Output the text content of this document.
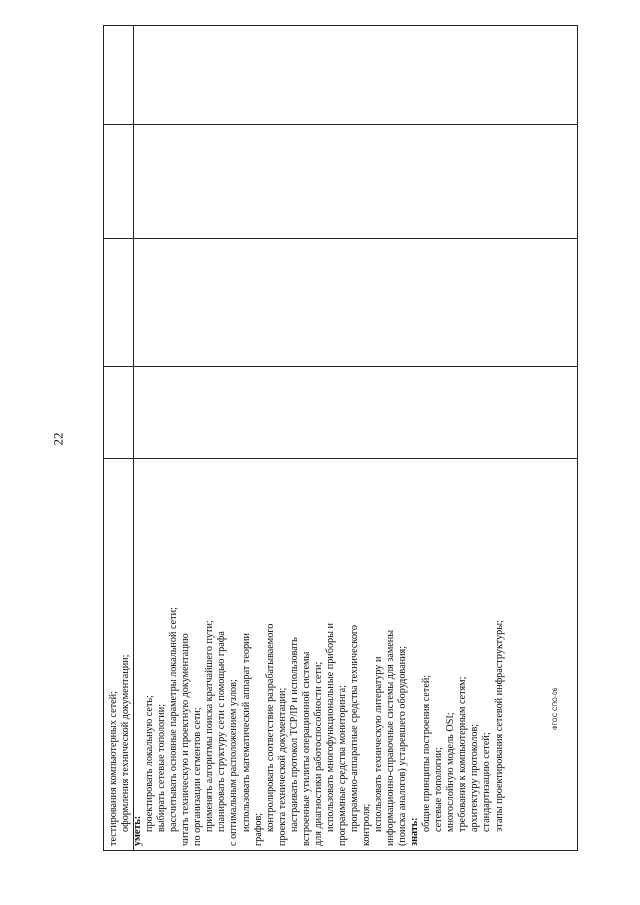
22
тестирования компьютерных сетей; оформления технической документации; уметь: проектировать локальную сеть; выбирать сетевые топологии; рассчитывать основные параметры локальной сети; читать техническую и проектную документацию по организации сегментов сети; применять алгоритмы поиска кратчайшего пути; планировать структуру сети с помощью графа с оптимальным расположением узлов; использовать математический аппарат теории графов; контролировать соответствие разрабатываемого проекта технической документации; настраивать протокол TCP/IP и использовать встроенные утилиты операционной системы для диагностики работоспособности сети; использовать многофункциональные приборы и программные средства мониторинга; программно-аппаратные средства технического контроля; использовать техническую литературу и информационно-справочные системы для замены (поиска аналогов) устаревшего оборудования; знать: общие принципы построения сетей; сетевые топологии; многослойную модель OSI; требования к компьютерным сетям; архитектуру протоколов; стандартизацию сетей; этапы проектирования сетевой инфраструктуры;	ФГОС СПО-06
